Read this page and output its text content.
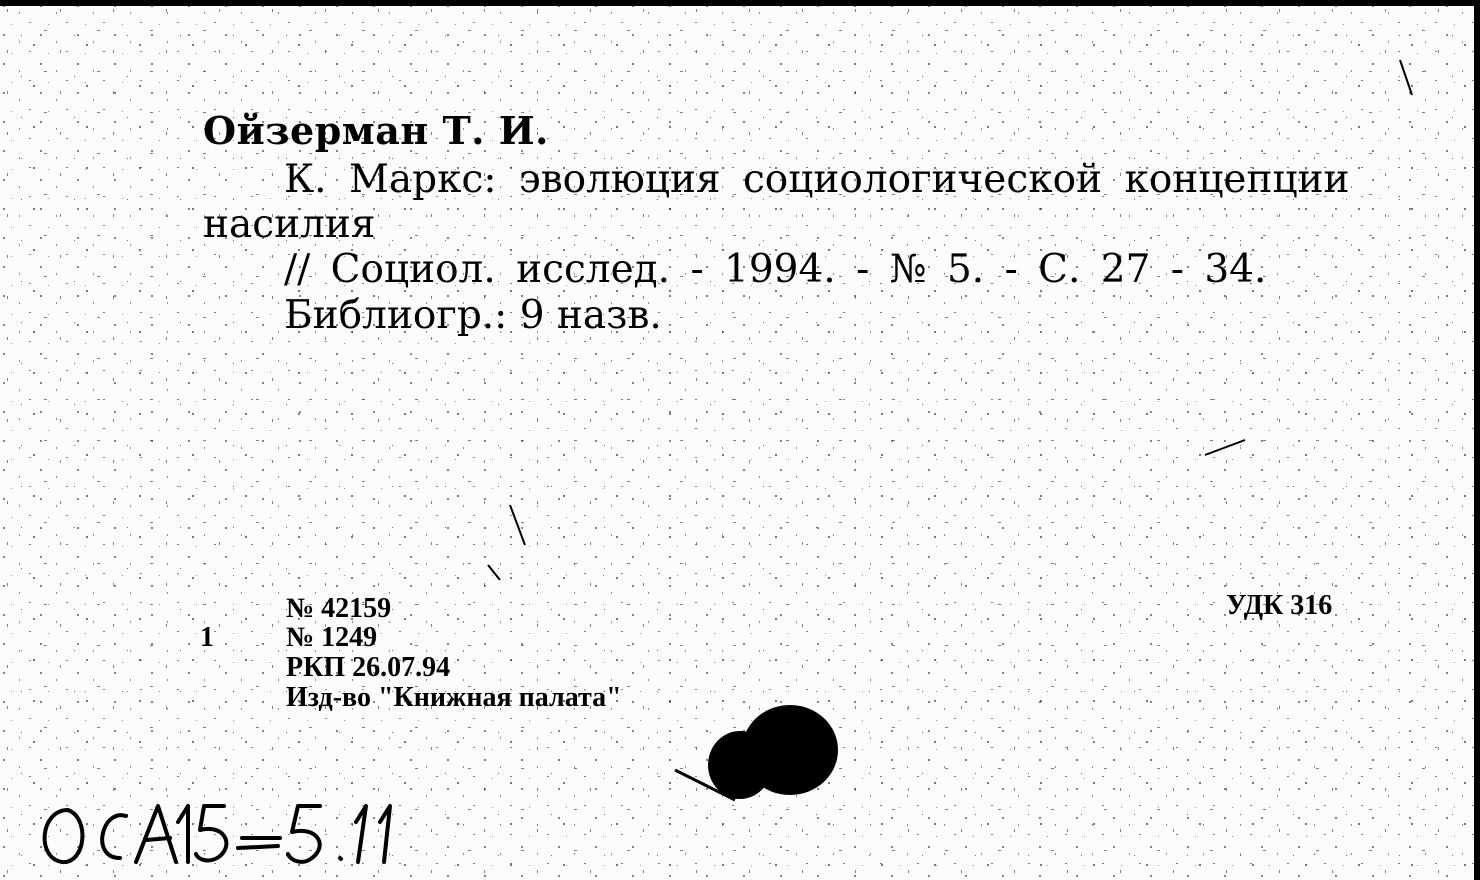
Ойзерман Т. И.
К. Маркс: эволюция социологической концепции
насилия
// Социол. исслед. - 1994. - № 5. - С. 27 - 34.
Библиогр.: 9 назв.
№ 42159
1	№ 1249
РКП 26.07.94
Изд-во "Книжная палата"
УДК 316
